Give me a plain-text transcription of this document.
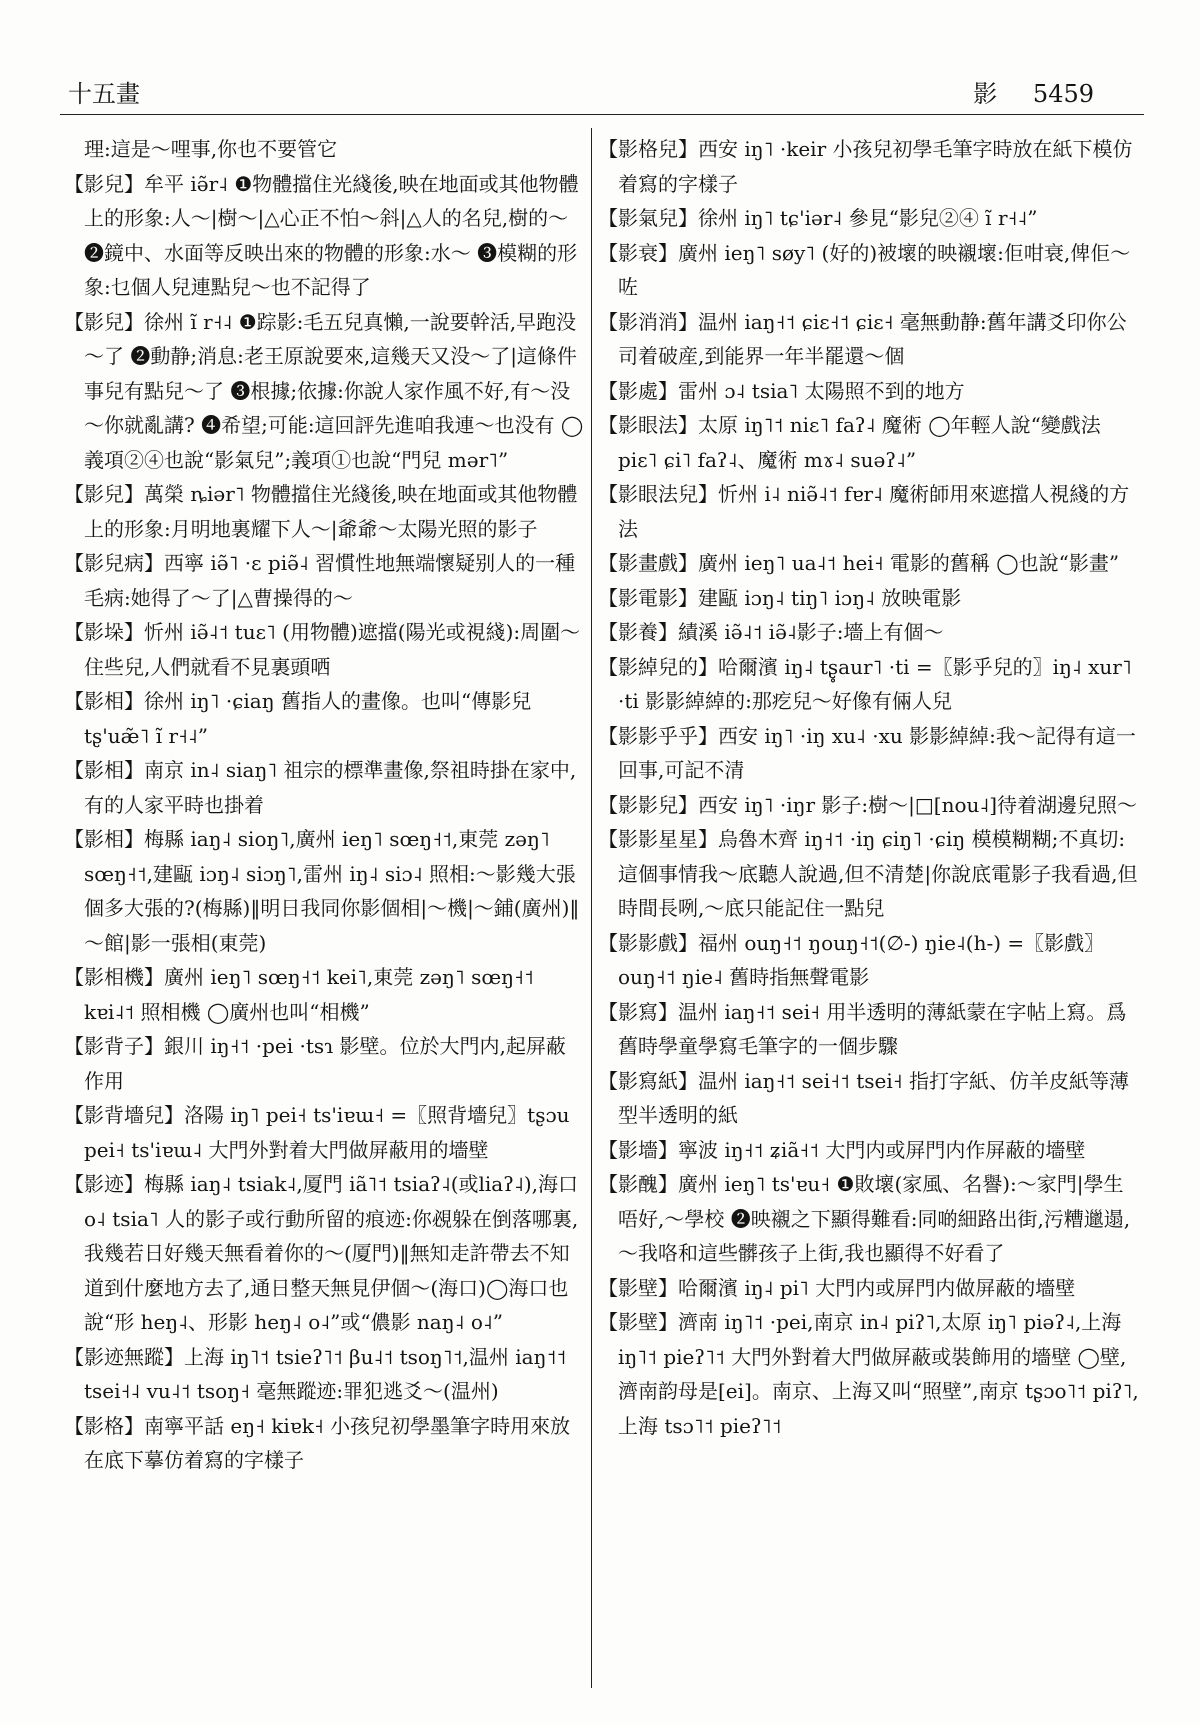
十五畫	影 5459

理:這是～哩事,你也不要管它

【影兒】牟平 iə̃r˨ ❶物體擋住光綫後,映在地面或其他物體上的形象:人～|樹～|△心正不怕～斜|△人的名兒,樹的～ ❷鏡中、水面等反映出來的物體的形象:水～ ❸模糊的形象:乜個人兒連點兒～也不記得了

【影兒】徐州 ĩ r˧˨ ❶踪影:毛五兒真懶,一說要幹活,早跑没～了 ❷動静;消息:老王原說要來,這幾天又没～了|這條件事兒有點兒～了 ❸根據;依據:你說人家作風不好,有～没～你就亂講? ❹希望;可能:這回評先進咱我連～也没有 ◯義項②④也說“影氣兒”;義項①也說“門兒 mər˥”

【影兒】萬榮 ȵiər˥ 物體擋住光綫後,映在地面或其他物體上的形象:月明地裏耀下人～|爺爺～太陽光照的影子

【影兒病】西寧 iə̃˥ ·ɛ piə̃˨ 習慣性地無端懷疑别人的一種毛病:她得了～了|△曹操得的～

【影垛】忻州 iə̃˨˦ tuɛ˥ (用物體)遮擋(陽光或視綫):周圍～住些兒,人們就看不見裏頭哂

【影相】徐州 iŋ˥ ·ɕiaŋ 舊指人的畫像。也叫“傳影兒 tʂ'uæ̃˥ ĩ r˧˨”

【影相】南京 in˨ siaŋ˥ 祖宗的標準畫像,祭祖時掛在家中,有的人家平時也掛着

【影相】梅縣 iaŋ˨ sioŋ˥,廣州 ieŋ˥ sœŋ˧˦,東莞 zəŋ˥ sœŋ˧˦,建甌 iɔŋ˨ siɔŋ˥,雷州 iŋ˨ siɔ˨ 照相:～影幾大張個多大張的?(梅縣)‖明日我同你影個相|～機|～鋪(廣州)‖～館|影一張相(東莞)

【影相機】廣州 ieŋ˥ sœŋ˧˦ kei˥,東莞 zəŋ˥ sœŋ˧˦ kɐi˨˦ 照相機 ◯廣州也叫“相機”

【影背子】銀川 iŋ˧˦ ·pei ·tsɿ 影壁。位於大門内,起屏蔽作用

【影背墻兒】洛陽 iŋ˥ pei˧ ts'iɐɯ˧ =〖照背墻兒〗tʂɔu pei˧ ts'iɐɯ˨ 大門外對着大門做屏蔽用的墻壁

【影迹】梅縣 iaŋ˨ tsiak˨,厦門 iã˥˦ tsiaʔ˨(或liaʔ˨),海口 o˨ tsia˥ 人的影子或行動所留的痕迹:你覕躲在倒落哪裏,我幾若日好幾天無看着你的～(厦門)‖無知走許帶去不知道到什麼地方去了,通日整天無見伊個～(海口)◯海口也說“形 heŋ˨、形影 heŋ˨ o˨”或“儂影 naŋ˨ o˨”

【影迹無蹤】上海 iŋ˥˦ tsieʔ˥˦ βu˨˦ tsoŋ˥˦,温州 iaŋ˦˦ tsei˧˨ vu˨˦ tsoŋ˧ 毫無蹤迹:罪犯逃爻～(温州)

【影格】南寧平話 eŋ˧ kiɐk˧ 小孩兒初學墨筆字時用來放在底下摹仿着寫的字樣子

【影格兒】西安 iŋ˥ ·keir 小孩兒初學毛筆字時放在紙下模仿着寫的字樣子

【影氣兒】徐州 iŋ˥ tɕ'iər˨ 參見“影兒②④ ĩ r˧˨”

【影衰】廣州 ieŋ˥ søy˥ (好的)被壞的映襯壞:佢咁衰,俾佢～咗

【影消消】温州 iaŋ˧˦ ɕiɛ˧˦ ɕiɛ˧ 毫無動静:舊年講爻印你公司着破産,到能界一年半罷還～個

【影處】雷州 ɔ˨ tsia˥ 太陽照不到的地方

【影眼法】太原 iŋ˥˦ niɛ˥ faʔ˨ 魔術 ◯年輕人說“變戲法 piɛ˥ ɕi˥ faʔ˨、魔術 mɤ˨ suəʔ˨”

【影眼法兒】忻州 i˨ niə̃˨˦ fɐr˨ 魔術師用來遮擋人視綫的方法

【影畫戲】廣州 ieŋ˥ ua˨˦ hei˧ 電影的舊稱 ◯也說“影畫”

【影電影】建甌 iɔŋ˨ tiŋ˥ iɔŋ˨ 放映電影

【影養】績溪 iə̃˨˦ iə̃˨影子:墻上有個～

【影綽兒的】哈爾濱 iŋ˨ tʂ̥aur˥ ·ti =〖影乎兒的〗iŋ˨ xur˥ ·ti 影影綽綽的:那疙兒～好像有倆人兒

【影影乎乎】西安 iŋ˥ ·iŋ xu˨ ·xu 影影綽綽:我～記得有這一回事,可記不清

【影影兒】西安 iŋ˥ ·iŋr 影子:樹～|□[nou˨]待着湖邊兒照～

【影影星星】烏魯木齊 iŋ˧˦ ·iŋ ɕiŋ˥ ·ɕiŋ 模模糊糊;不真切:這個事情我～底聽人說過,但不清楚|你說底電影子我看過,但時間長咧,～底只能記住一點兒

【影影戲】福州 ouŋ˧˦ ŋouŋ˧˦(∅-) ŋie˨(h-) =〖影戲〗ouŋ˧˦ ŋie˨ 舊時指無聲電影

【影寫】温州 iaŋ˧˦ sei˧ 用半透明的薄紙蒙在字帖上寫。爲舊時學童學寫毛筆字的一個步驟

【影寫紙】温州 iaŋ˧˦ sei˧˦ tsei˧ 指打字紙、仿羊皮紙等薄型半透明的紙

【影墻】寧波 iŋ˧˦ ʑiã˧˦ 大門内或屏門内作屏蔽的墻壁

【影醜】廣州 ieŋ˥ ts'ɐu˧ ❶敗壞(家風、名譽):～家門|學生唔好,～學校 ❷映襯之下顯得難看:同啲細路出街,污糟邋遢,～我咯和這些髒孩子上街,我也顯得不好看了

【影壁】哈爾濱 iŋ˨ pi˥ 大門内或屏門内做屏蔽的墻壁

【影壁】濟南 iŋ˥˦ ·pei,南京 in˨ piʔ˥,太原 iŋ˥ piəʔ˨,上海 iŋ˥˦ pieʔ˥˦ 大門外對着大門做屏蔽或裝飾用的墻壁 ◯壁,濟南韵母是[ei]。南京、上海又叫“照壁”,南京 tʂɔo˥˦ piʔ˥,上海 tsɔ˥˦ pieʔ˥˦
